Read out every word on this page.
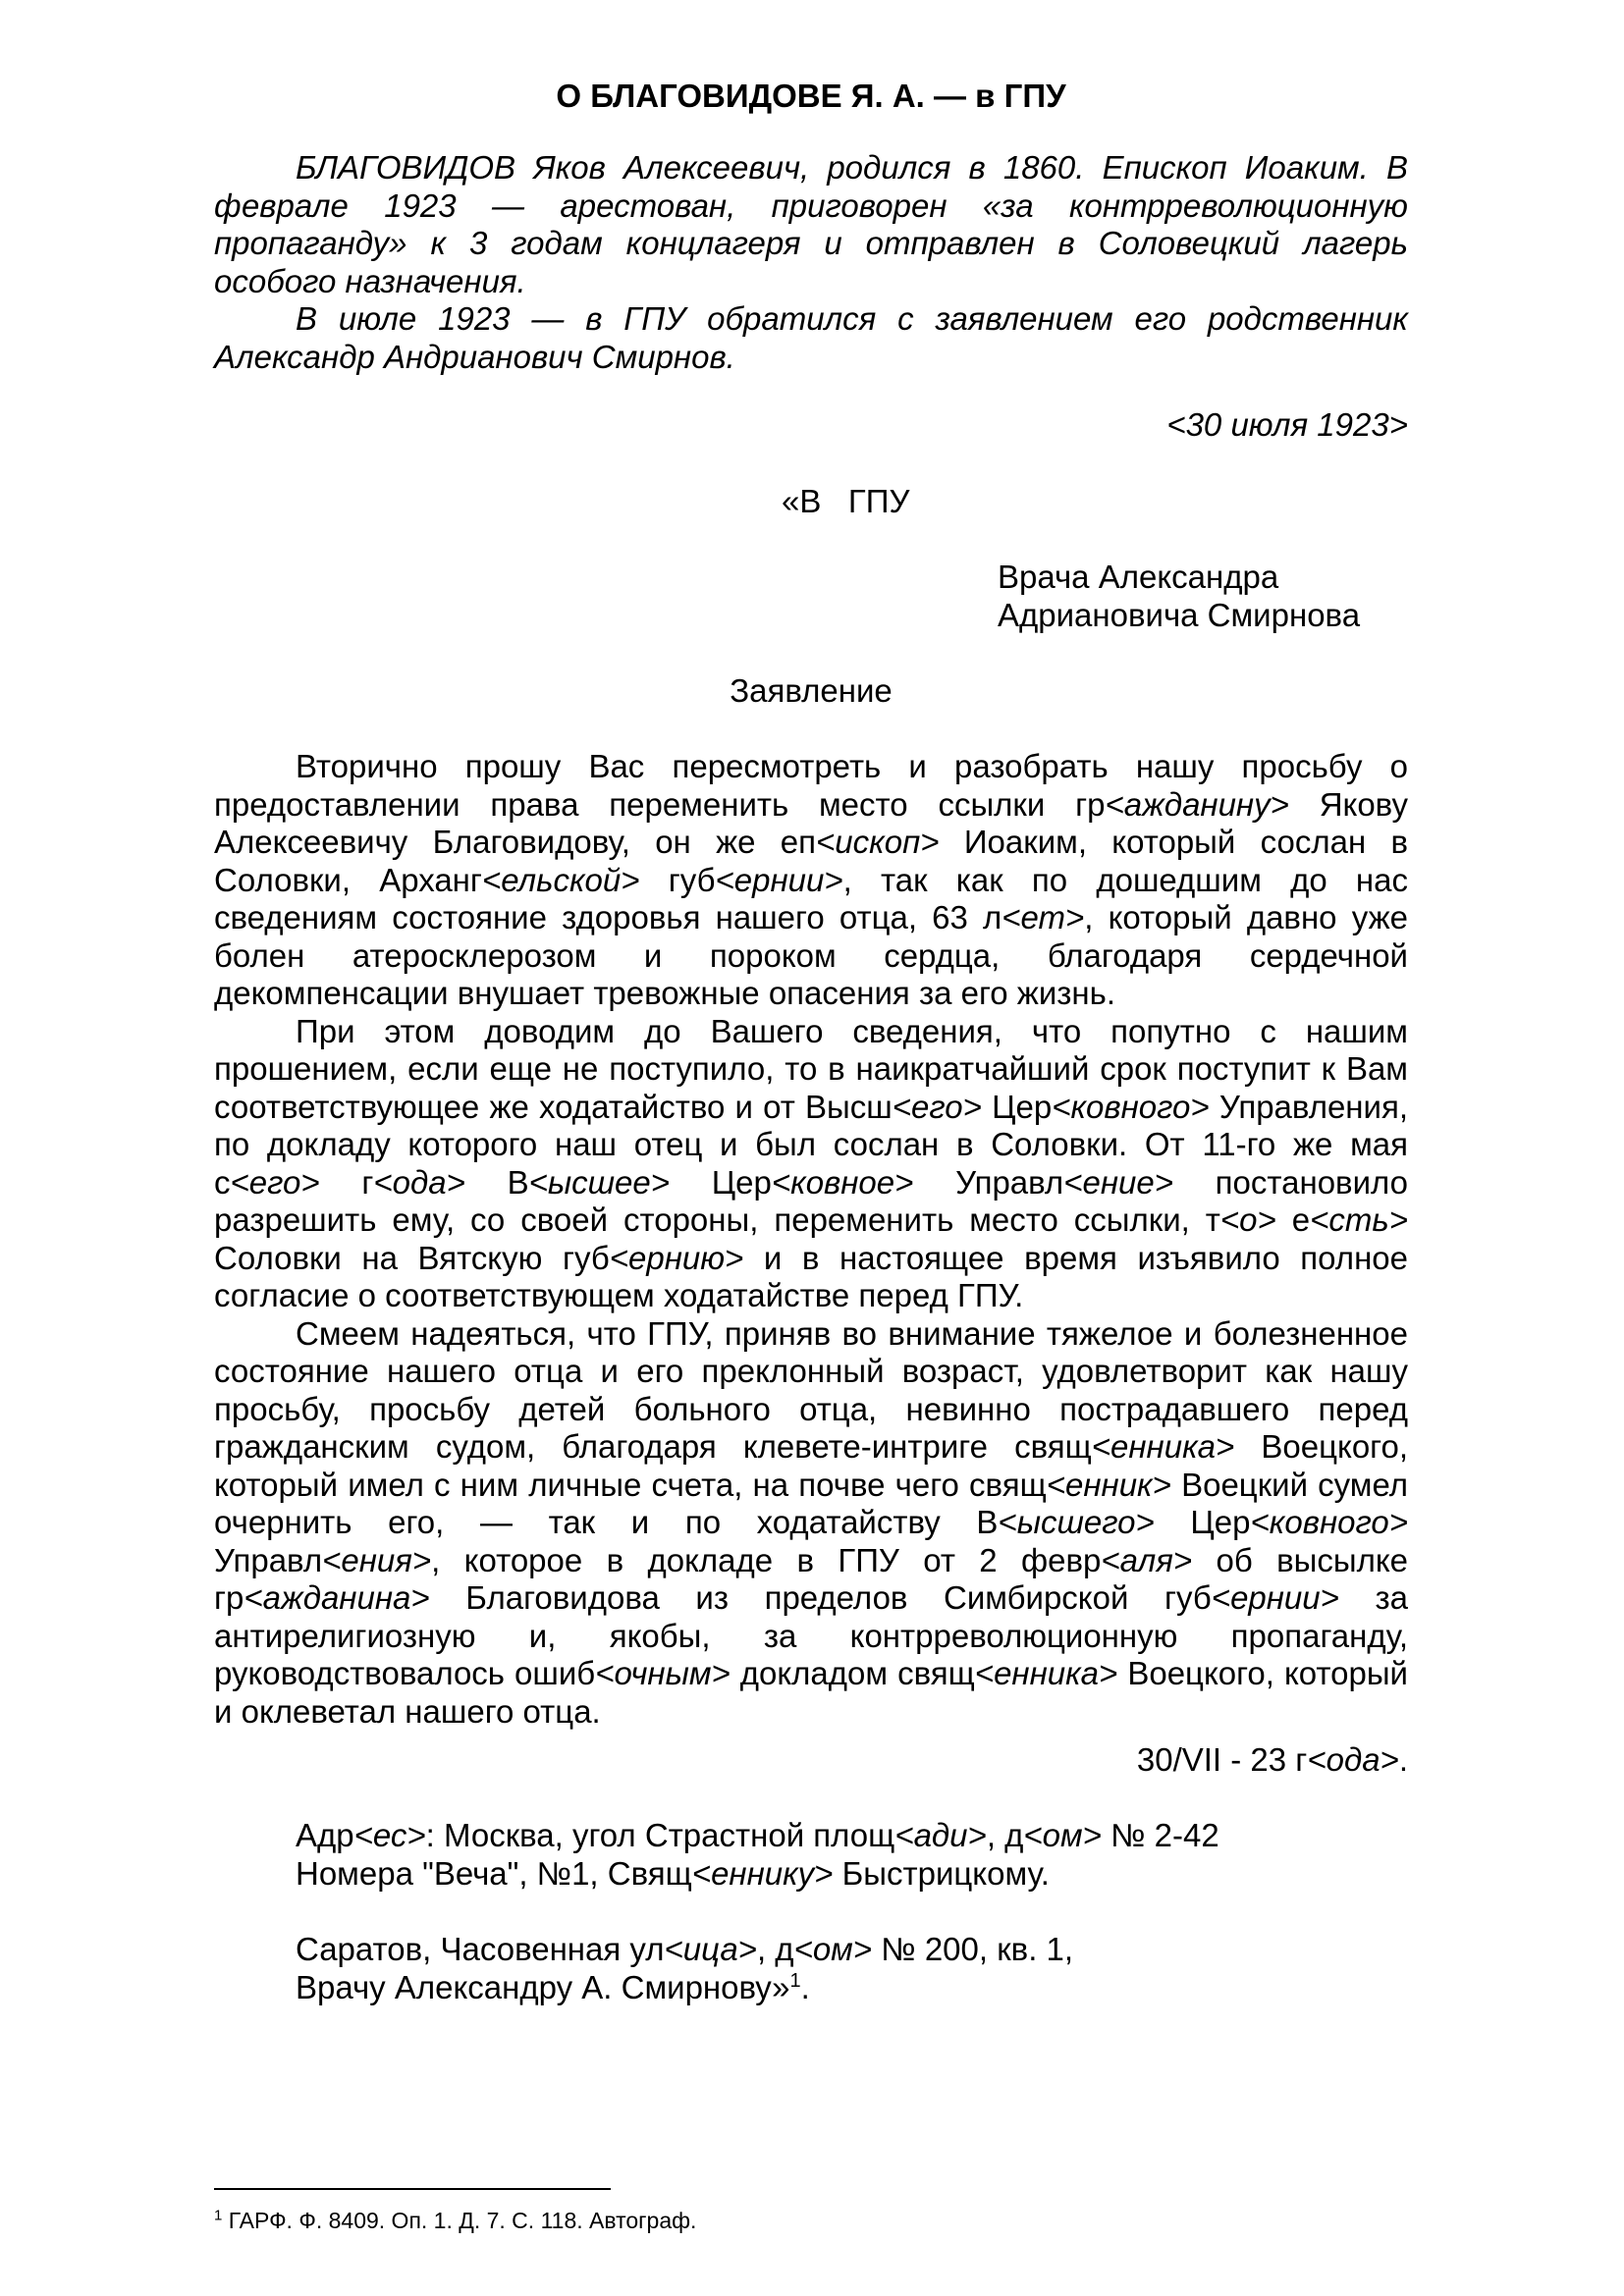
О БЛАГОВИДОВЕ Я. А. — в ГПУ

БЛАГОВИДОВ Яков Алексеевич, родился в 1860. Епископ Иоаким. В феврале 1923 — арестован, приговорен «за контрреволюционную пропаганду» к 3 годам концлагеря и отправлен в Соловецкий лагерь особого назначения.

В июле 1923 — в ГПУ обратился с заявлением его родственник Александр Андрианович Смирнов.

<30 июля 1923>
«В   ГПУ
Врача Александра
Адриановича Смирнова
Заявление

Вторично прошу Вас пересмотреть и разобрать нашу просьбу о предоставлении права переменить место ссылки гр<ажданину> Якову Алексеевичу Благовидову, он же еп<ископ> Иоаким, который сослан в Соловки, Арханг<ельской> губ<ернии>, так как по дошедшим до нас сведениям состояние здоровья нашего отца, 63 л<ет>, который давно уже болен атеросклерозом и пороком сердца, благодаря сердечной декомпенсации внушает тревожные опасения за его жизнь.

При этом доводим до Вашего сведения, что попутно с нашим прошением, если еще не поступило, то в наикратчайший срок поступит к Вам соответствующее же ходатайство и от Высш<его> Цер<ковного> Управления, по докладу которого наш отец и был сослан в Соловки. От 11-го же мая с<его> г<ода> В<ысшее> Цер<ковное> Управл<ение> постановило разрешить ему, со своей стороны, переменить место ссылки, т<о> е<сть> Соловки на Вятскую губ<ернию> и в настоящее время изъявило полное согласие о соответствующем ходатайстве перед ГПУ.

Смеем надеяться, что ГПУ, приняв во внимание тяжелое и болезненное состояние нашего отца и его преклонный возраст, удовлетворит как нашу просьбу, просьбу детей больного отца, невинно пострадавшего перед гражданским судом, благодаря клевете-интриге свящ<енника> Воецкого, который имел с ним личные счета, на почве чего свящ<енник> Воецкий сумел очернить его, — так и по ходатайству В<ысшего> Цер<ковного> Управл<ения>, которое в докладе в ГПУ от 2 февр<аля> об высылке гр<ажданина> Благовидова из пределов Симбирской губ<ернии> за антирелигиозную и, якобы, за контрреволюционную пропаганду, руководствовалось ошиб<очным> докладом свящ<енника> Воецкого, который и оклеветал нашего отца.

30/VII - 23 г<ода>.
Адр<ес>: Москва, угол Страстной площ<ади>, д<ом> № 2-42
Номера "Веча", №1, Свящ<еннику> Быстрицкому.
Саратов, Часовенная ул<ица>, д<ом> № 200, кв. 1,
Врачу Александру А. Смирнову»$^1$.
$^1$ ГАРФ. Ф. 8409. Оп. 1. Д. 7. С. 118. Автограф.
